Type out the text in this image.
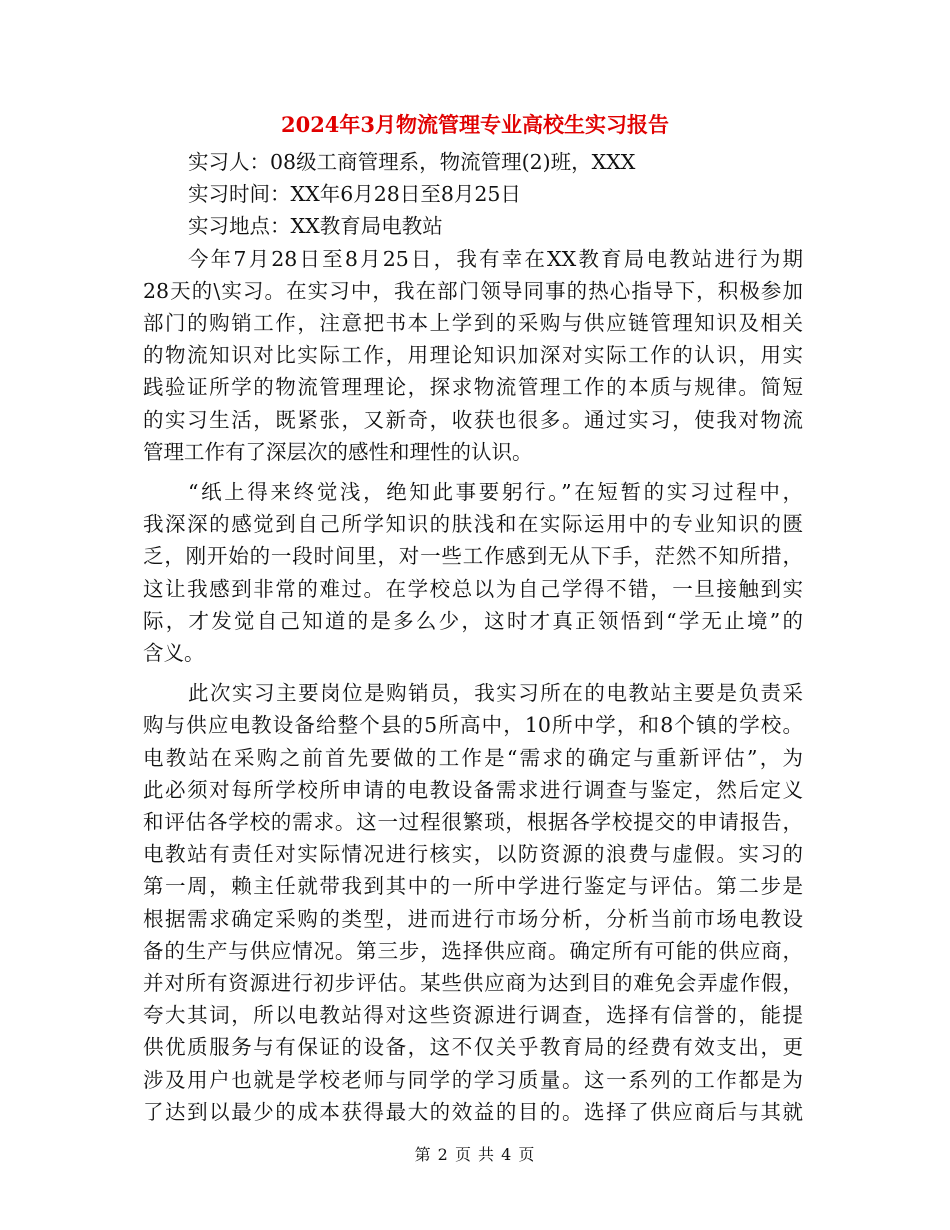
2024年3月物流管理专业高校生实习报告

实习人：08级工商管理系，物流管理(2)班，XXX

实习时间：XX年6月28日至8月25日

实习地点：XX教育局电教站

今年7月28日至8月25日，我有幸在XX教育局电教站进行为期
28天的\实习。在实习中，我在部门领导同事的热心指导下，积极参加
部门的购销工作，注意把书本上学到的采购与供应链管理知识及相关
的物流知识对比实际工作，用理论知识加深对实际工作的认识，用实
践验证所学的物流管理理论，探求物流管理工作的本质与规律。简短
的实习生活，既紧张，又新奇，收获也很多。通过实习，使我对物流
管理工作有了深层次的感性和理性的认识。

“纸上得来终觉浅，绝知此事要躬行。”在短暂的实习过程中，
我深深的感觉到自己所学知识的肤浅和在实际运用中的专业知识的匮
乏，刚开始的一段时间里，对一些工作感到无从下手，茫然不知所措，
这让我感到非常的难过。在学校总以为自己学得不错，一旦接触到实
际，才发觉自己知道的是多么少，这时才真正领悟到“学无止境”的
含义。

此次实习主要岗位是购销员，我实习所在的电教站主要是负责采
购与供应电教设备给整个县的5所高中，10所中学，和8个镇的学校。
电教站在采购之前首先要做的工作是“需求的确定与重新评估”，为
此必须对每所学校所申请的电教设备需求进行调查与鉴定，然后定义
和评估各学校的需求。这一过程很繁琐，根据各学校提交的申请报告，
电教站有责任对实际情况进行核实，以防资源的浪费与虚假。实习的
第一周，赖主任就带我到其中的一所中学进行鉴定与评估。第二步是
根据需求确定采购的类型，进而进行市场分析，分析当前市场电教设
备的生产与供应情况。第三步，选择供应商。确定所有可能的供应商，
并对所有资源进行初步评估。某些供应商为达到目的难免会弄虚作假，
夸大其词，所以电教站得对这些资源进行调查，选择有信誉的，能提
供优质服务与有保证的设备，这不仅关乎教育局的经费有效支出，更
涉及用户也就是学校老师与同学的学习质量。这一系列的工作都是为
了达到以最少的成本获得最大的效益的目的。选择了供应商后与其就

第 2 页 共 4 页
